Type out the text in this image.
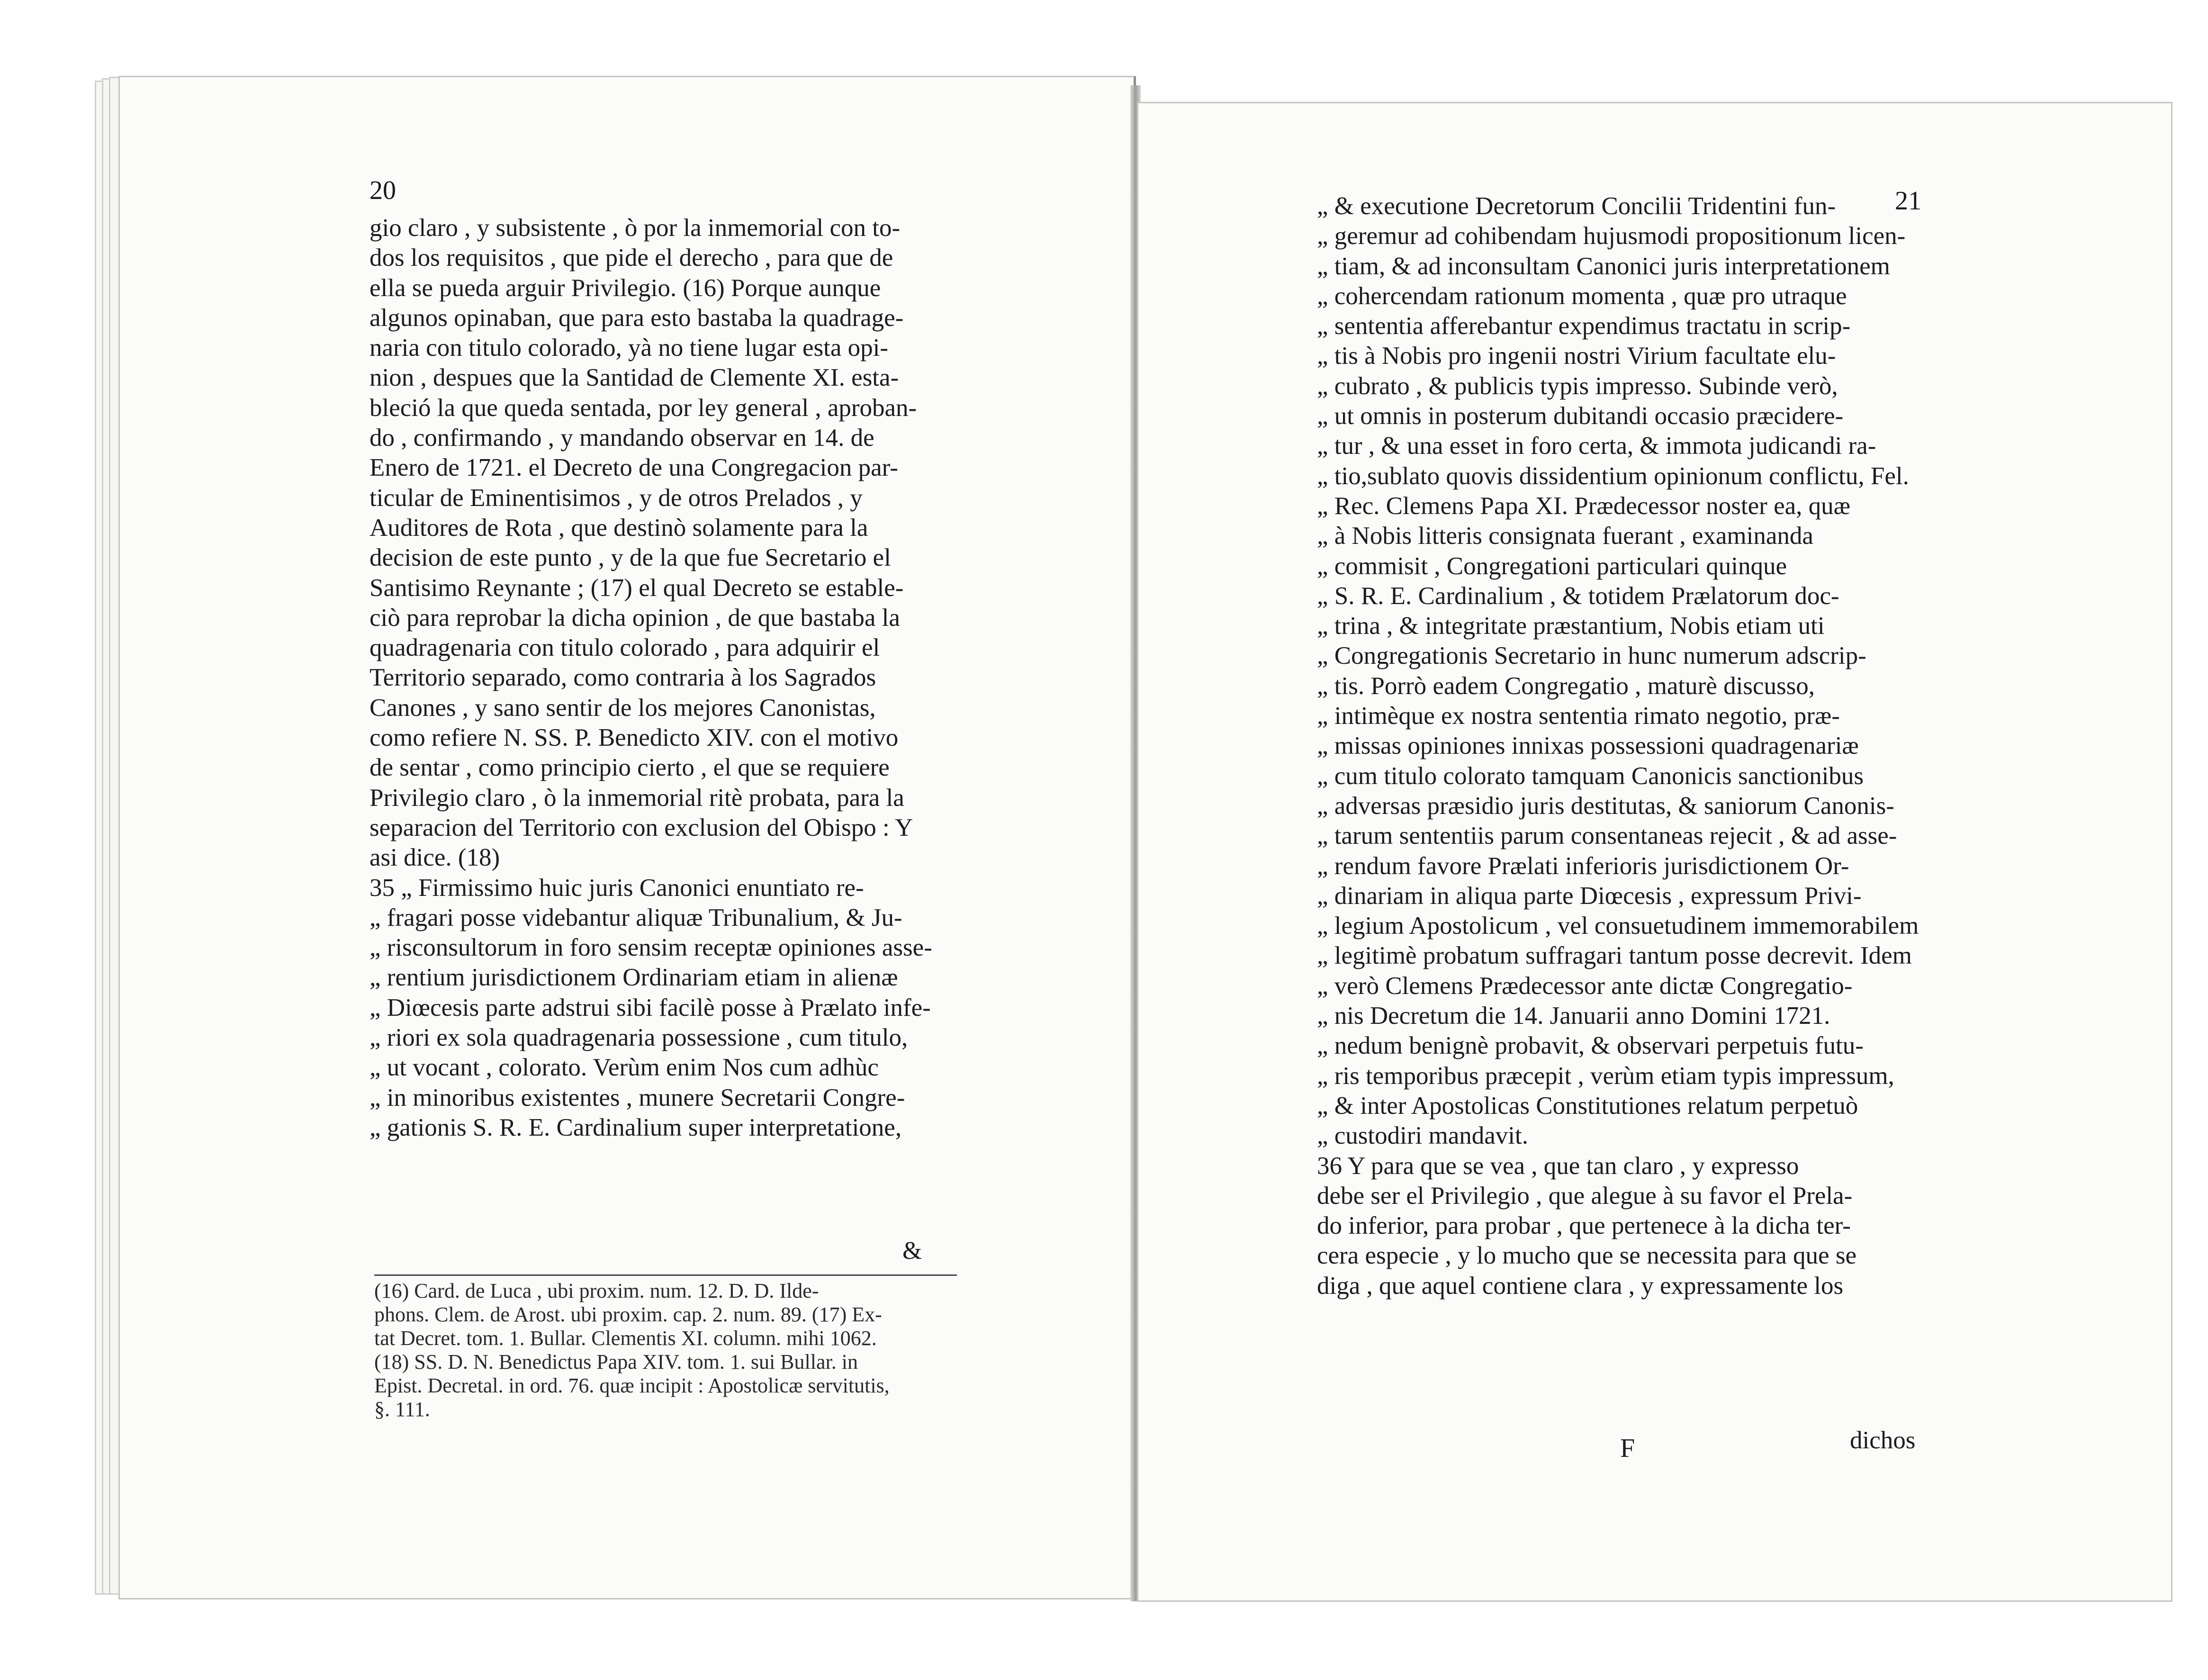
20
gio claro , y subsistente , ò por la inmemorial con to-
dos los requisitos , que pide el derecho , para que de
ella se pueda arguir Privilegio. (16) Porque aunque
algunos opinaban, que para esto bastaba la quadrage-
naria con titulo colorado, yà no tiene lugar esta opi-
nion , despues que la Santidad de Clemente XI. esta-
bleció la que queda sentada, por ley general , aproban-
do , confirmando , y mandando observar en 14. de
Enero de 1721. el Decreto de una Congregacion par-
ticular de Eminentisimos , y de otros Prelados , y
Auditores de Rota , que destinò solamente para la
decision de este punto , y de la que fue Secretario el
Santisimo Reynante ; (17) el qual Decreto se estable-
ciò para reprobar la dicha opinion , de que bastaba la
quadragenaria con titulo colorado , para adquirir el
Territorio separado, como contraria à los Sagrados
Canones , y sano sentir de los mejores Canonistas,
como refiere N. SS. P. Benedicto XIV. con el motivo
de sentar , como principio cierto , el que se requiere
Privilegio claro , ò la inmemorial ritè probata, para la
separacion del Territorio con exclusion del Obispo : Y
asi dice. (18)
35 „ Firmissimo huic juris Canonici enuntiato re-
„ fragari posse videbantur aliquæ Tribunalium, & Ju-
„ risconsultorum in foro sensim receptæ opiniones asse-
„ rentium jurisdictionem Ordinariam etiam in alienæ
„ Diœcesis parte adstrui sibi facilè posse à Prælato infe-
„ riori ex sola quadragenaria possessione , cum titulo,
„ ut vocant , colorato. Verùm enim Nos cum adhùc
„ in minoribus existentes , munere Secretarii Congre-
„ gationis S. R. E. Cardinalium super interpretatione,
&
(16) Card. de Luca , ubi proxim. num. 12. D. D. Ilde-
phons. Clem. de Arost. ubi proxim. cap. 2. num. 89. (17) Ex-
tat Decret. tom. 1. Bullar. Clementis XI. column. mihi 1062.
(18) SS. D. N. Benedictus Papa XIV. tom. 1. sui Bullar. in
Epist. Decretal. in ord. 76. quæ incipit : Apostolicæ servitutis,
§. 111.
21
„ & executione Decretorum Concilii Tridentini fun-
„ geremur ad cohibendam hujusmodi propositionum licen-
„ tiam, & ad inconsultam Canonici juris interpretationem
„ cohercendam rationum momenta , quæ pro utraque
„ sententia afferebantur expendimus tractatu in scrip-
„ tis à Nobis pro ingenii nostri Virium facultate elu-
„ cubrato , & publicis typis impresso. Subinde verò,
„ ut omnis in posterum dubitandi occasio præcidere-
„ tur , & una esset in foro certa, & immota judicandi ra-
„ tio,sublato quovis dissidentium opinionum conflictu, Fel.
„ Rec. Clemens Papa XI. Prædecessor noster ea, quæ
„ à Nobis litteris consignata fuerant , examinanda
„ commisit , Congregationi particulari quinque
„ S. R. E. Cardinalium , & totidem Prælatorum doc-
„ trina , & integritate præstantium, Nobis etiam uti
„ Congregationis Secretario in hunc numerum adscrip-
„ tis. Porrò eadem Congregatio , maturè discusso,
„ intimèque ex nostra sententia rimato negotio, præ-
„ missas opiniones innixas possessioni quadragenariæ
„ cum titulo colorato tamquam Canonicis sanctionibus
„ adversas præsidio juris destitutas, & saniorum Canonis-
„ tarum sententiis parum consentaneas rejecit , & ad asse-
„ rendum favore Prælati inferioris jurisdictionem Or-
„ dinariam in aliqua parte Diœcesis , expressum Privi-
„ legium Apostolicum , vel consuetudinem immemorabilem
„ legitimè probatum suffragari tantum posse decrevit. Idem
„ verò Clemens Prædecessor ante dictæ Congregatio-
„ nis Decretum die 14. Januarii anno Domini 1721.
„ nedum benignè probavit, & observari perpetuis futu-
„ ris temporibus præcepit , verùm etiam typis impressum,
„ & inter Apostolicas Constitutiones relatum perpetuò
„ custodiri mandavit.
36 Y para que se vea , que tan claro , y expresso
debe ser el Privilegio , que alegue à su favor el Prela-
do inferior, para probar , que pertenece à la dicha ter-
cera especie , y lo mucho que se necessita para que se
diga , que aquel contiene clara , y expressamente los
F	dichos
